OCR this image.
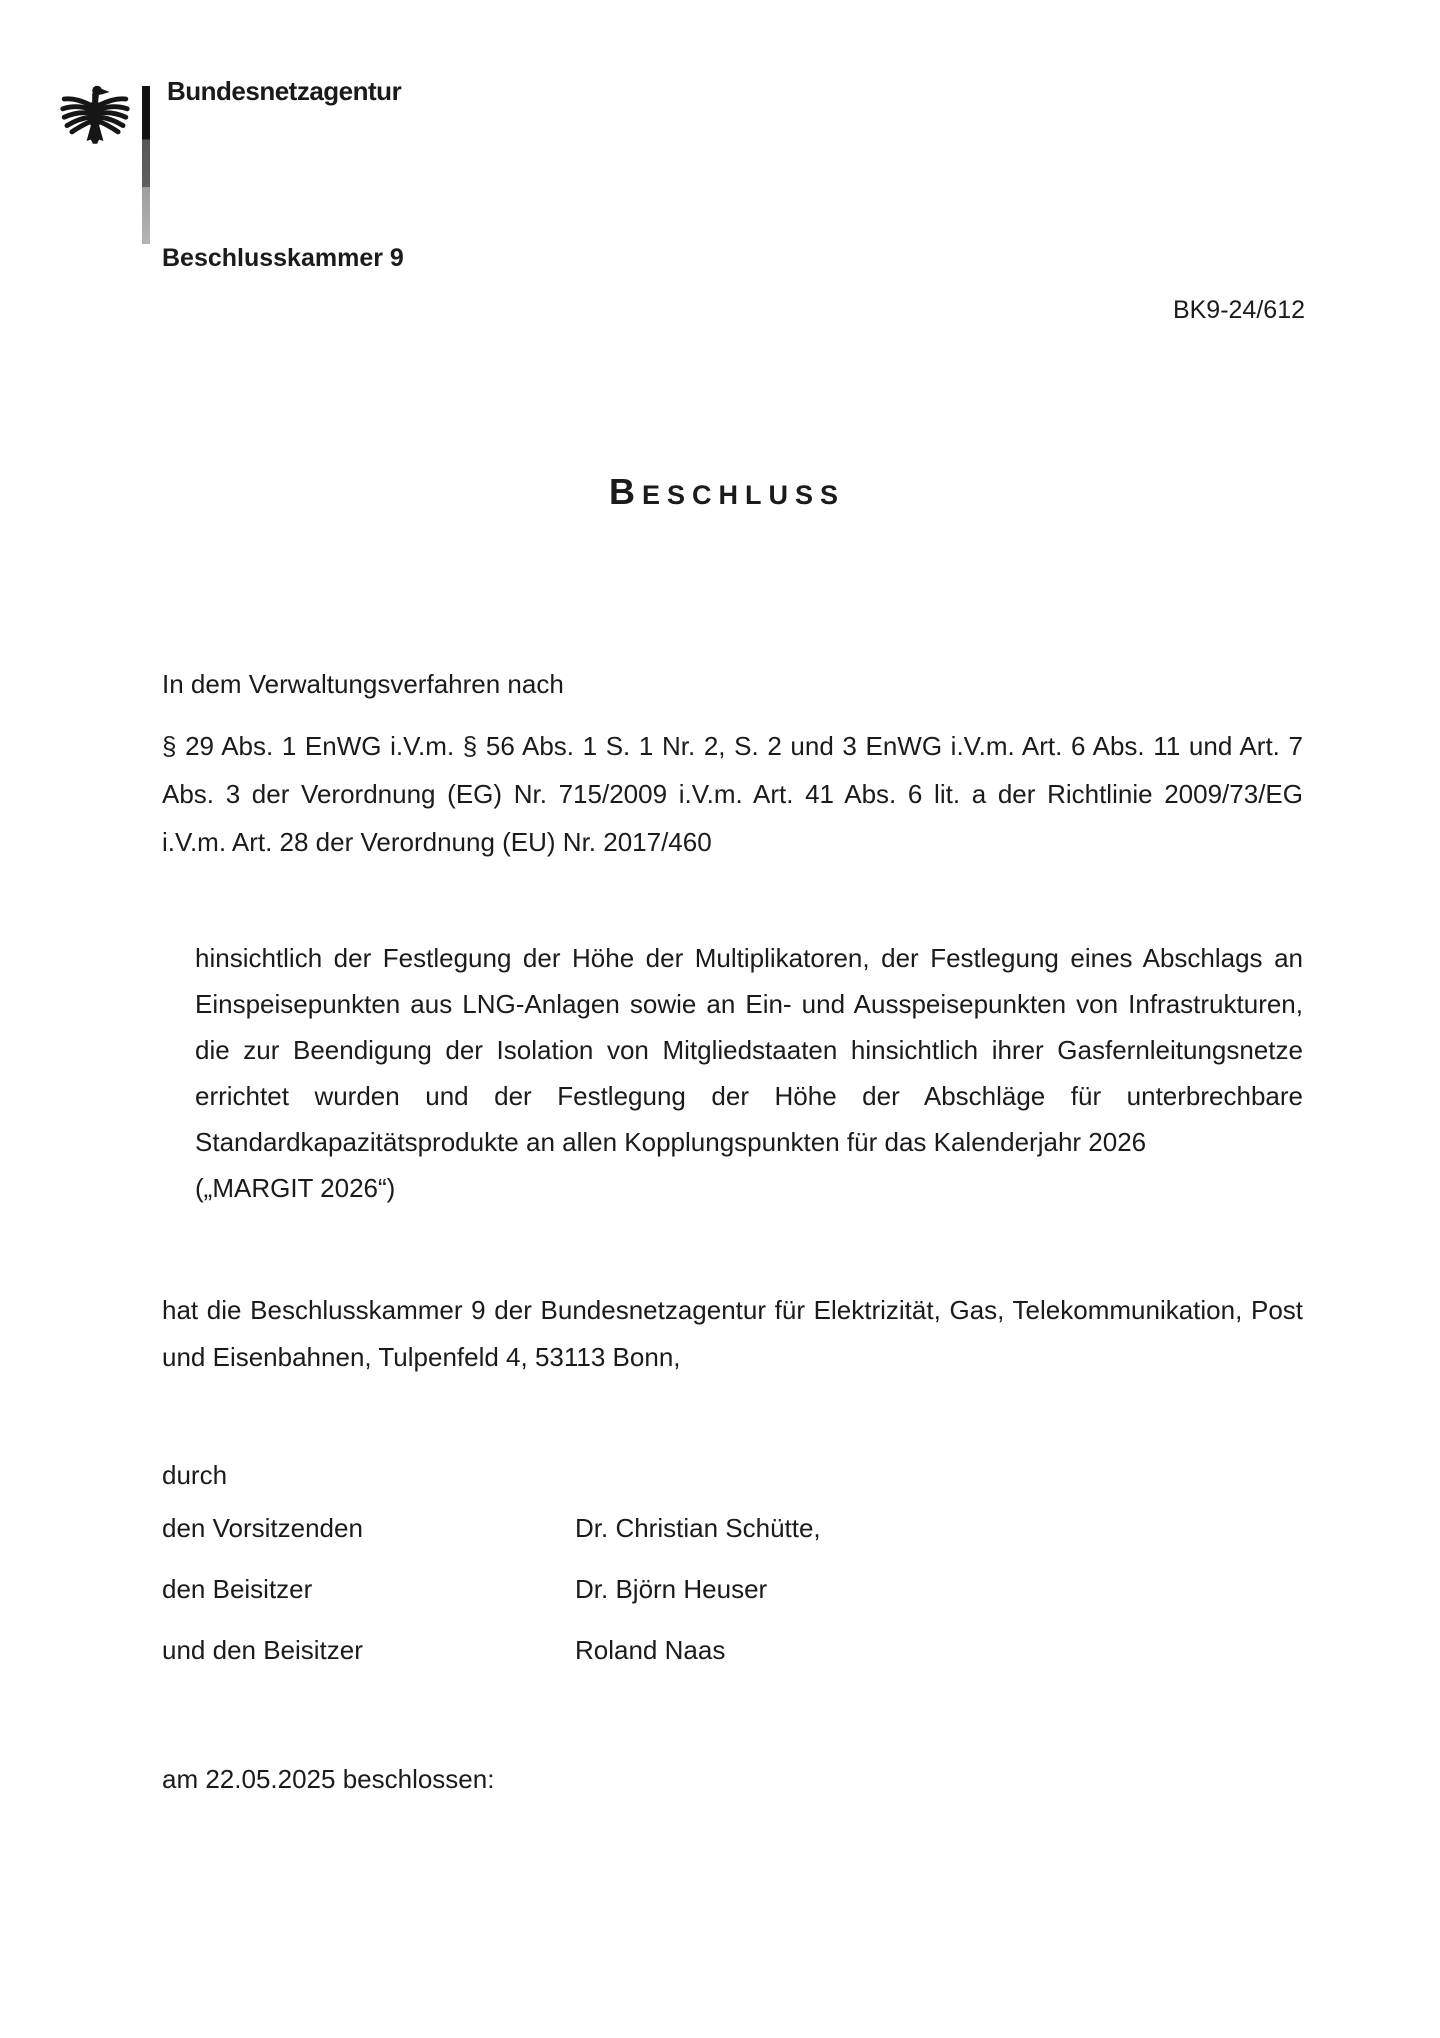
Bundesnetzagentur
Beschlusskammer 9
BK9-24/612
BESCHLUSS

In dem Verwaltungsverfahren nach

§ 29 Abs. 1 EnWG i.V.m. § 56 Abs. 1 S. 1 Nr. 2, S. 2 und 3 EnWG i.V.m. Art. 6 Abs. 11 und Art. 7
Abs. 3 der Verordnung (EG) Nr. 715/2009 i.V.m. Art. 41 Abs. 6 lit. a der Richtlinie 2009/73/EG
i.V.m. Art. 28 der Verordnung (EU) Nr. 2017/460
hinsichtlich der Festlegung der Höhe der Multiplikatoren, der Festlegung eines Abschlags an
Einspeisepunkten aus LNG-Anlagen sowie an Ein- und Ausspeisepunkten von Infrastrukturen,
die zur Beendigung der Isolation von Mitgliedstaaten hinsichtlich ihrer Gasfernleitungsnetze
errichtet wurden und der Festlegung der Höhe der Abschläge für unterbrechbare
Standardkapazitätsprodukte an allen Kopplungspunkten für das Kalenderjahr 2026
(„MARGIT 2026“)
hat die Beschlusskammer 9 der Bundesnetzagentur für Elektrizität, Gas, Telekommunikation, Post
und Eisenbahnen, Tulpenfeld 4, 53113 Bonn,

durch

den Vorsitzenden	Dr. Christian Schütte,
den Beisitzer	Dr. Björn Heuser
und den Beisitzer	Roland Naas

am 22.05.2025 beschlossen:
